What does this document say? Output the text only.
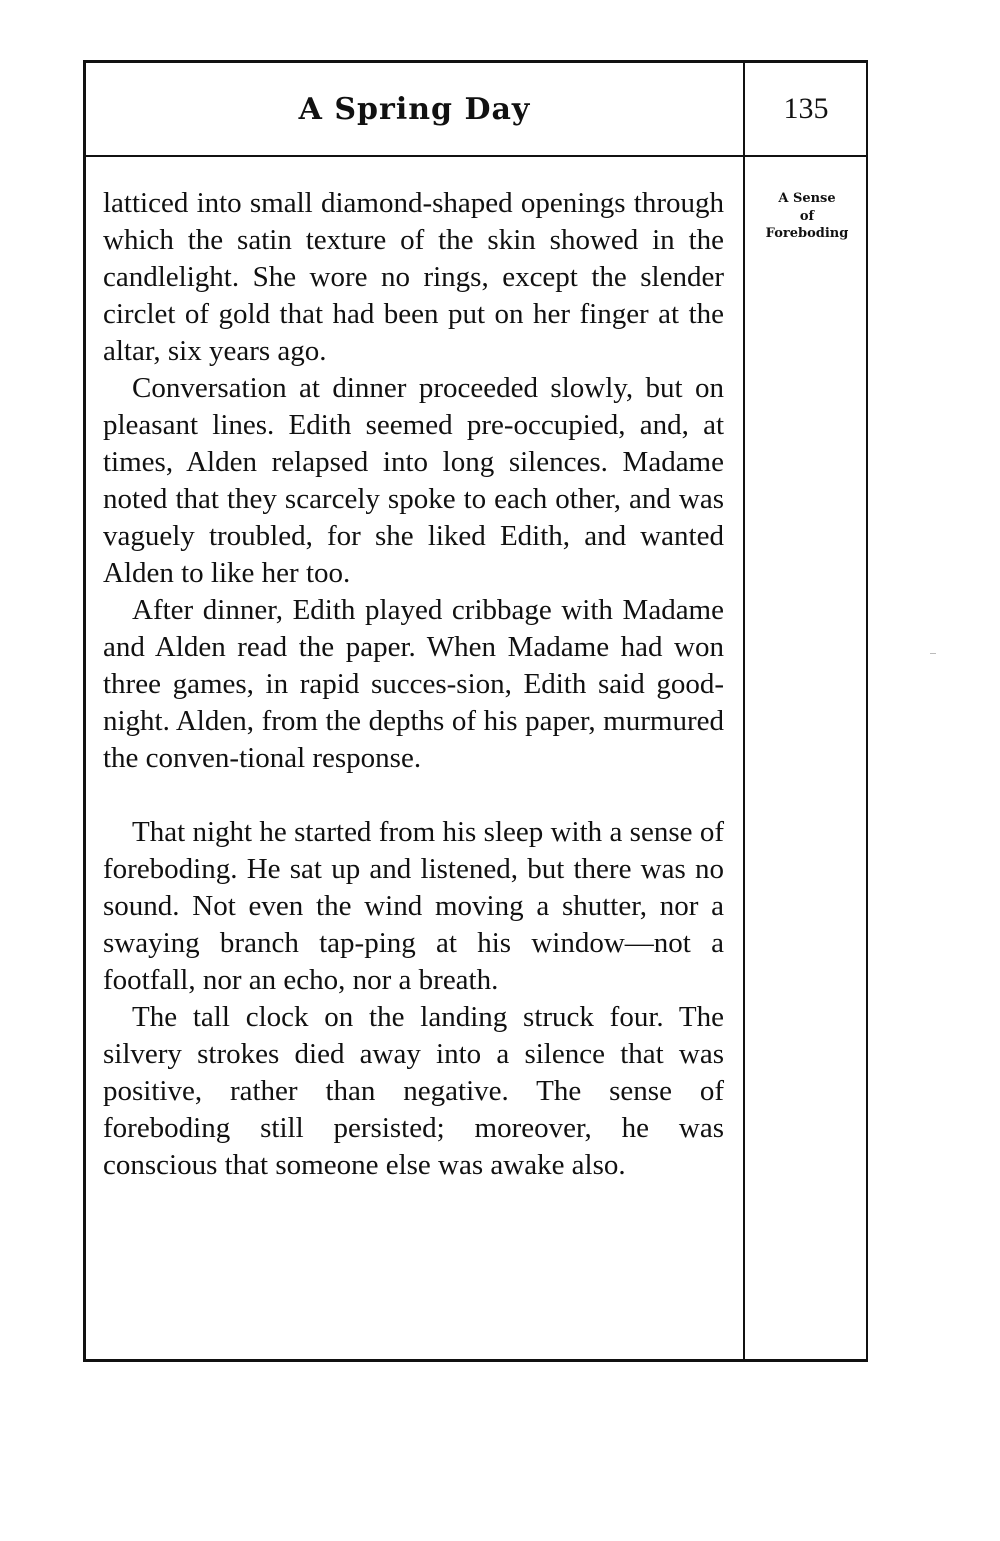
A Spring Day	135
A Sense
of
Foreboding

latticed into small diamond-shaped openings through which the satin texture of the skin showed in the candlelight. She wore no rings, except the slender circlet of gold that had been put on her finger at the altar, six years ago.

Conversation at dinner proceeded slowly, but on pleasant lines. Edith seemed pre-occupied, and, at times, Alden relapsed into long silences. Madame noted that they scarcely spoke to each other, and was vaguely troubled, for she liked Edith, and wanted Alden to like her too.

After dinner, Edith played cribbage with Madame and Alden read the paper. When Madame had won three games, in rapid succes-sion, Edith said good-night. Alden, from the depths of his paper, murmured the conven-tional response.

That night he started from his sleep with a sense of foreboding. He sat up and listened, but there was no sound. Not even the wind moving a shutter, nor a swaying branch tap-ping at his window—not a footfall, nor an echo, nor a breath.

The tall clock on the landing struck four. The silvery strokes died away into a silence that was positive, rather than negative. The sense of foreboding still persisted; moreover, he was conscious that someone else was awake also.
